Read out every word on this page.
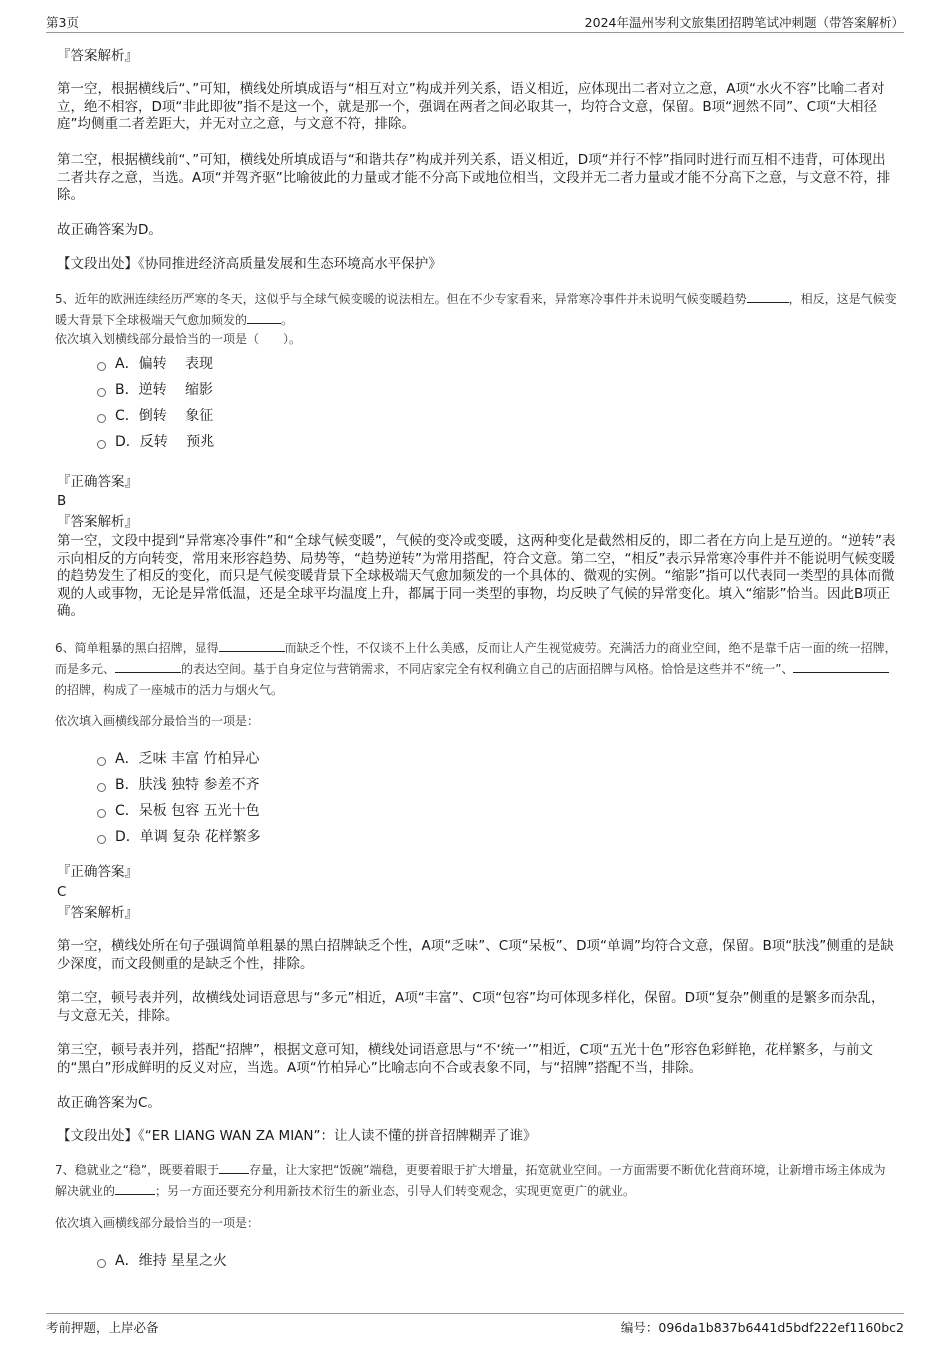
第3页	2024年温州岑利文旅集团招聘笔试冲刺题（带答案解析）

『答案解析』

第一空，根据横线后“、”可知，横线处所填成语与“相互对立”构成并列关系，语义相近，应体现出二者对立之意，A项“水火不容”比喻二者对立，绝不相容，D项“非此即彼”指不是这一个，就是那一个，强调在两者之间必取其一，均符合文意，保留。B项“迥然不同”、C项“大相径庭”均侧重二者差距大，并无对立之意，与文意不符，排除。

第二空，根据横线前“、”可知，横线处所填成语与“和谐共存”构成并列关系，语义相近，D项“并行不悖”指同时进行而互相不违背，可体现出二者共存之意，当选。A项“并驾齐驱”比喻彼此的力量或才能不分高下或地位相当，文段并无二者力量或才能不分高下之意，与文意不符，排除。

故正确答案为D。

【文段出处】《协同推进经济高质量发展和生态环境高水平保护》

5、近年的欧洲连续经历严寒的冬天，这似乎与全球气候变暖的说法相左。但在不少专家看来，异常寒冷事件并未说明气候变暖趋势	，相反，这是气候变暖大背景下全球极端天气愈加频发的	。

依次填入划横线部分最恰当的一项是（　　）。

A． 偏转　 表现
B． 逆转　 缩影
C． 倒转　 象征
D． 反转　 预兆

『正确答案』

B

『答案解析』

第一空，文段中提到“异常寒冷事件”和“全球气候变暖”，气候的变冷或变暖，这两种变化是截然相反的，即二者在方向上是互逆的。“逆转”表示向相反的方向转变，常用来形容趋势、局势等，“趋势逆转”为常用搭配，符合文意。第二空，“相反”表示异常寒冷事件并不能说明气候变暖的趋势发生了相反的变化，而只是气候变暖背景下全球极端天气愈加频发的一个具体的、微观的实例。“缩影”指可以代表同一类型的具体而微观的人或事物，无论是异常低温，还是全球平均温度上升，都属于同一类型的事物，均反映了气候的异常变化。填入“缩影”恰当。因此B项正确。

6、简单粗暴的黑白招牌，显得	而缺乏个性，不仅谈不上什么美感，反而让人产生视觉疲劳。充满活力的商业空间，绝不是靠千店一面的统一招牌，而是多元、	的表达空间。基于自身定位与营销需求，不同店家完全有权利确立自己的店面招牌与风格。恰恰是这些并不“统一”、的招牌，构成了一座城市的活力与烟火气。

依次填入画横线部分最恰当的一项是：

A． 乏味 丰富 竹柏异心
B． 肤浅 独特 参差不齐
C． 呆板 包容 五光十色
D． 单调 复杂 花样繁多

『正确答案』

C

『答案解析』

第一空，横线处所在句子强调简单粗暴的黑白招牌缺乏个性，A项“乏味”、C项“呆板”、D项“单调”均符合文意，保留。B项“肤浅”侧重的是缺少深度，而文段侧重的是缺乏个性，排除。

第二空，顿号表并列，故横线处词语意思与“多元”相近，A项“丰富”、C项“包容”均可体现多样化，保留。D项“复杂”侧重的是繁多而杂乱，与文意无关，排除。

第三空，顿号表并列，搭配“招牌”，根据文意可知，横线处词语意思与“不‘统一’”相近，C项“五光十色”形容色彩鲜艳，花样繁多，与前文的“黑白”形成鲜明的反义对应，当选。A项“竹柏异心”比喻志向不合或表象不同，与“招牌”搭配不当，排除。

故正确答案为C。

【文段出处】《“ER LIANG WAN ZA MIAN”：让人读不懂的拼音招牌糊弄了谁》

7、稳就业之“稳”，既要着眼于	存量，让大家把“饭碗”端稳，更要着眼于扩大增量，拓宽就业空间。一方面需要不断优化营商环境，让新增市场主体成为解决就业的	；另一方面还要充分利用新技术衍生的新业态，引导人们转变观念，实现更宽更广的就业。

依次填入画横线部分最恰当的一项是：

A． 维持 星星之火
考前押题，上岸必备	编号：096da1b837b6441d5bdf222ef1160bc2
